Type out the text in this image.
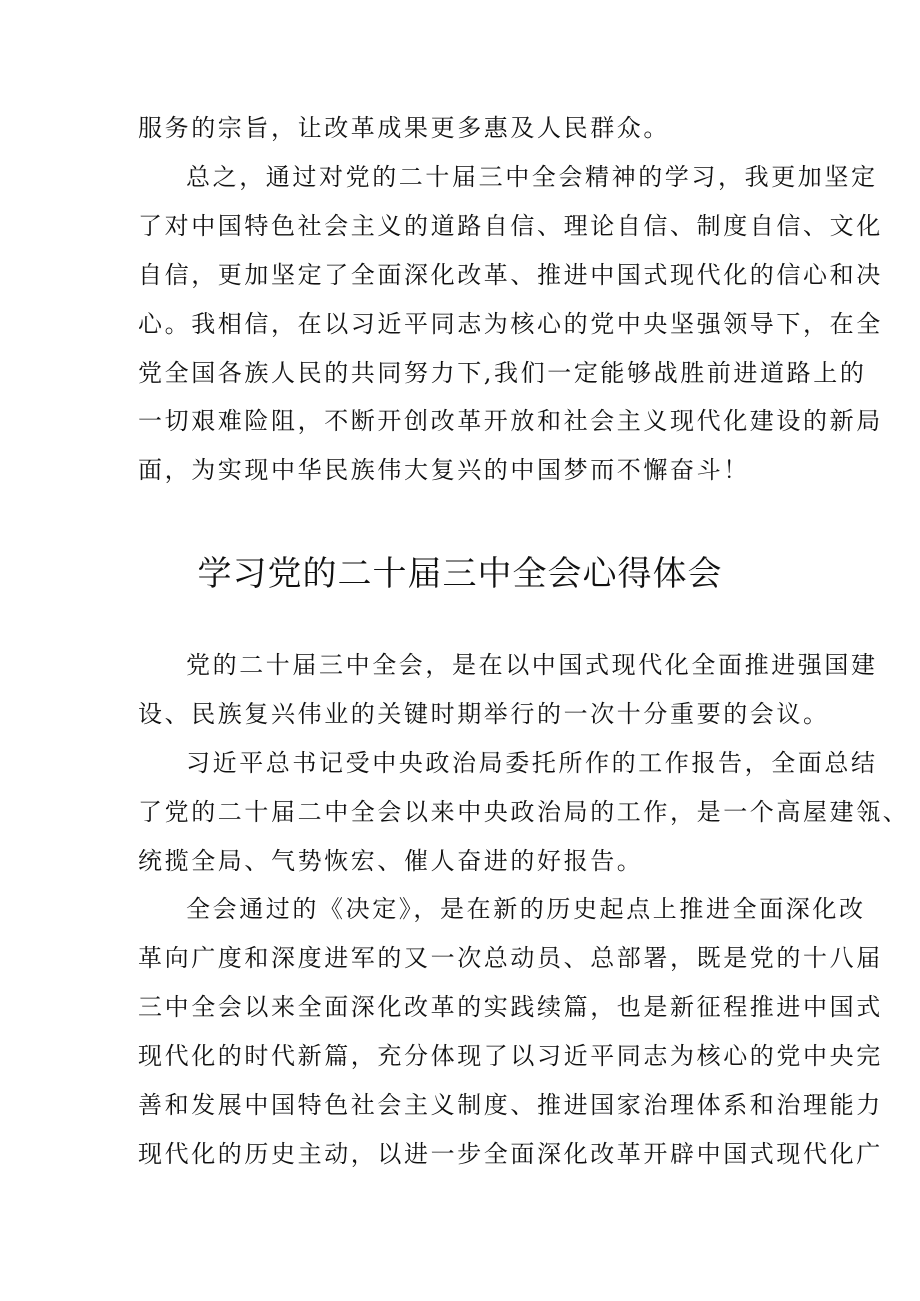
服务的宗旨，让改革成果更多惠及人民群众。
总之，通过对党的二十届三中全会精神的学习，我更加坚定
了对中国特色社会主义的道路自信、理论自信、制度自信、文化
自信，更加坚定了全面深化改革、推进中国式现代化的信心和决
心。我相信，在以习近平同志为核心的党中央坚强领导下，在全
党全国各族人民的共同努力下,我们一定能够战胜前进道路上的
一切艰难险阻，不断开创改革开放和社会主义现代化建设的新局
面，为实现中华民族伟大复兴的中国梦而不懈奋斗！
学习党的二十届三中全会心得体会
党的二十届三中全会，是在以中国式现代化全面推进强国建
设、民族复兴伟业的关键时期举行的一次十分重要的会议。
习近平总书记受中央政治局委托所作的工作报告，全面总结
了党的二十届二中全会以来中央政治局的工作，是一个高屋建瓴、
统揽全局、气势恢宏、催人奋进的好报告。
全会通过的《决定》，是在新的历史起点上推进全面深化改
革向广度和深度进军的又一次总动员、总部署，既是党的十八届
三中全会以来全面深化改革的实践续篇，也是新征程推进中国式
现代化的时代新篇，充分体现了以习近平同志为核心的党中央完
善和发展中国特色社会主义制度、推进国家治理体系和治理能力
现代化的历史主动，以进一步全面深化改革开辟中国式现代化广
